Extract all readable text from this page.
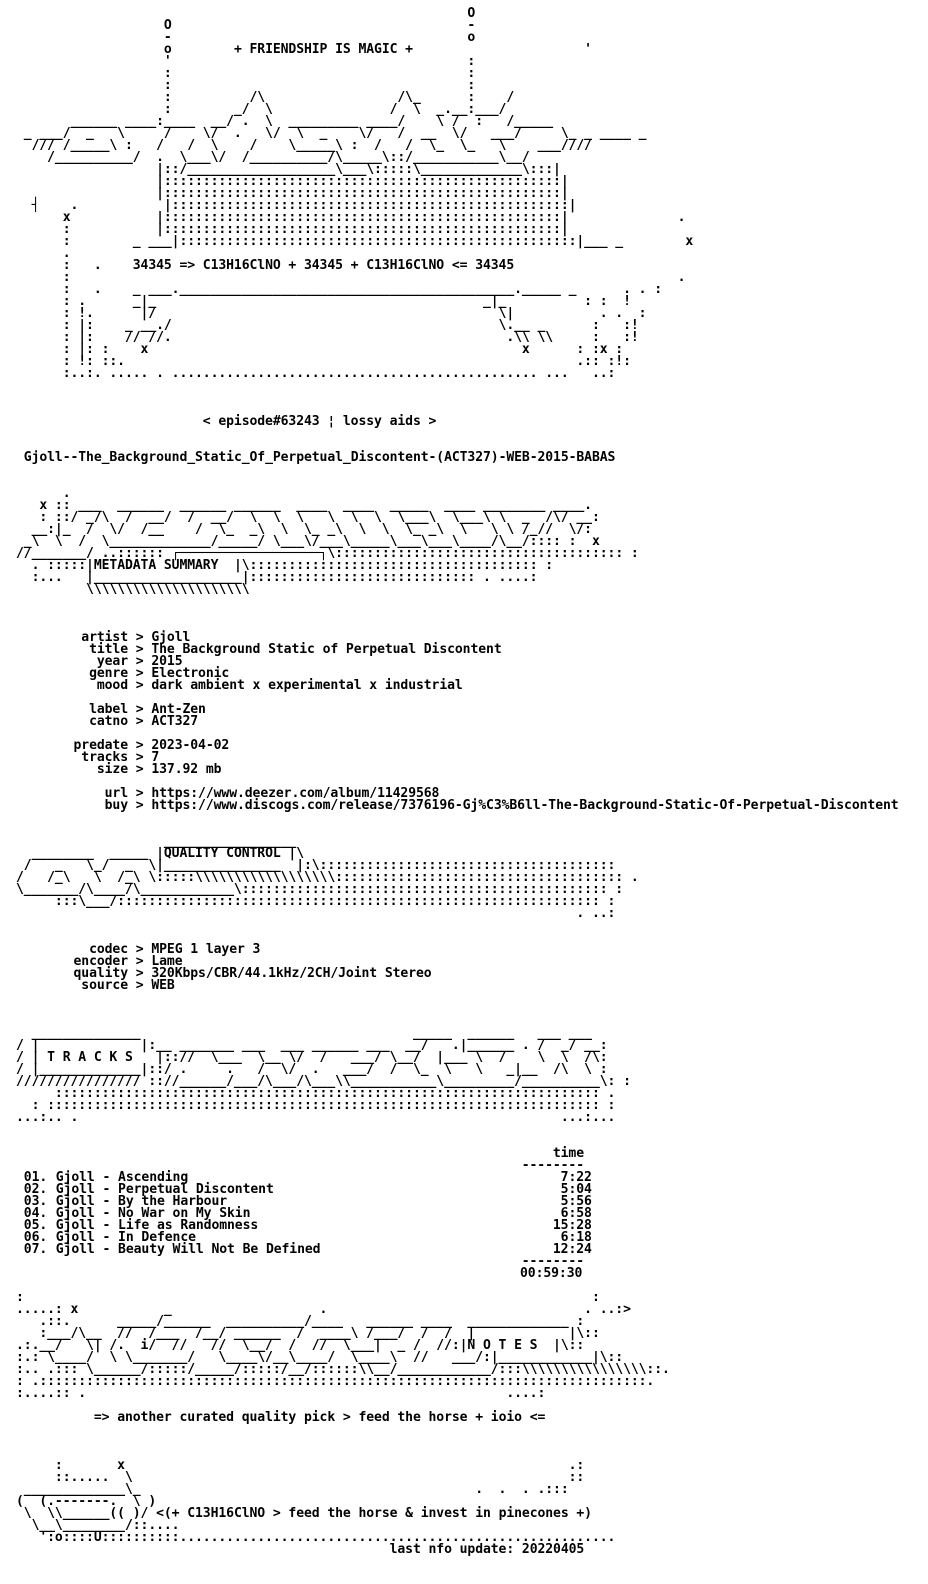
O
O                                      -
-                                      o
o	+ FRIENDSHIP IS MAGIC +	'
'                                      :
:                                      :
:                                      :
:          /\                 /\_      :    /
:        _/  \               /  \  _.__:___/
______ ____:____  __/ .  \  _________ ____/    \ /  :   /_____
_ ___/  _   \     /    \/  .   \/  \  _    \/   /  __  \/   ___/     \_ _ ____ _
/// /_____\ :   /   /  \    /    \_____\ :  /   /  \_  \_   \    ___////
/__________/  .  \___\/  /__________/\_____\::/___________\__/
|::/___________________\___\:::::\_____________\:::|
|:::::::::::::::::::::::::::::::::::::::::::::::::::|
|:::::::::::::::::::::::::::::::::::::::::::::::::::|
┤    .           |:::::::::::::::::::::::::::::::::::::::::::::::::::|
x           |:::::::::::::::::::::::::::::::::::::::::::::::::::|              .
:           |:::::::::::::::::::::::::::::::::::::::::::::::::::|
:        _ ___|:::::::::::::::::::::::::::::::::::::::::::::::::::|___ _        x
.
:   .    34345 => C13H16ClNO + 34345 + C13H16ClNO <= 34345
:                                                                              .
:   .    _ ___.___________________________________________._____ _      . . :
: .      _|_                                          _|_          : :  !
: !.      |/                                            \|           . .  :
: |:    _ __./                                          \.__ _      :   :!
: |:    // //.                                           .\\ \\     :   :!
: |: :    x                                                x      : :x :
: !: ::.                                                          .:: :!:
:..:. ..... . ............................................... ...   ..:
< episode#63243 ¦ lossy aids >
Gjoll--The_Background_Static_Of_Perpetual_Discontent-(ACT327)-WEB-2015-BABAS
.
x :: ___  ______  ______ ______  ____  ____  _____  ____ ________ ____.
: ::/ _/\  /  __/  /  __/  \  \  \   \  \  \  \___\  \___\ \  _  /\/ __:
__:|_  /  \/  /__    /  \_  _\  \  \_ _\  \  \  \_ _\  \   \ \ /_//  \/:
_\  \  /  \_____________/_____/ \___\/___\_____\___\___\____/\__/:::: :  x
//_______/ ..:::::: ┌──────────────────┐\::::::::::::::::::::::::::::::::::::: :
. :::::|METADATA SUMMARY  |\::::::::::::::::::::::::::::::::::::: :
:...   |___________________|::::::::::::::::::::::::::::: . ....:
\\\\\\\\\\\\\\\\\\\\\
artist > Gjoll
title > The Background Static of Perpetual Discontent
year > 2015
genre > Electronic
mood > dark ambient x experimental x industrial
label > Ant-Zen
catno > ACT327
predate > 2023-04-02
tracks > 7
size > 137.92 mb
url > https://www.deezer.com/album/11429568
buy > https://www.discogs.com/release/7376196-Gj%C3%B6ll-The-Background-Static-Of-Perpetual-Discontent
_________________
________  _____ |QUALITY CONTROL |\
/   _   \_/  _  \|_______________  |:\::::::::::::::::::::::::::::::::::::::
/   /_\   \  /_\ \:::::\\\\\\\\\\\\\\\\\\::::::::::::::::::::::::::::::::::::: .
\_______/\____/\____________\::::::::::::::::::::::::::::::::::::::::::::::: :
:::\___/:::::::::::::::::::::::::::::::::::::::::::::::::::::::::::::: :
. ..:
codec > MPEG 1 layer 3
encoder > Lame
quality > 320Kbps/CBR/44.1kHz/2CH/Joint Stereo
source > WEB
______________                                   _____  ______   ___ ___
/ |             |:__ _______ ___  ___ ______ ___  __/   .|______ . /  _/ __:
/ | T R A C K S   |:://  \___  \__ \/  /   ___/ \__/  |___ \  /    \  \  /\:
/ |_____________|::/ .     .   /  \/  .   ___/  /  \_  \   \   _|__  /\  \ :
//////////////// :://______/___/\___/\___\\___________\_________/__________\: :
:::::::::::::::::::::::::::::::::::::::::::::::::::::::::::::::::::::: .
: ::::::::::::::::::::::::::::::::::::::::::::::::::::::::::::::::::::::: :
...:.. .                                                              ...:...
time
--------
01. Gjoll - Ascending	7:22
02. Gjoll - Perpetual Discontent	5:04
03. Gjoll - By the Harbour	5:56
04. Gjoll - No War on My Skin	6:58
05. Gjoll - Life as Randomness	15:28
06. Gjoll - In Defence	6:18
07. Gjoll - Beauty Will Not Be Defined	12:24
--------
00:59:30
:                                                                         :
.....: x           _                   .                                 . ..:>
.::.      _____/______  __________/____   ______ ____  _____________ :
:___/\__  //  /___  /__/ ______  /  ____\ /___/  /  /  |            |\::
.:.__/   \| /.  i/  //   //  \__/  /  //  \___|  _ /  //:|N O T E S  |\::
:.: \____/  \ \_______/   \____\/__\____/  \____\  //   ___/:|____________|\::
:.. .::: \______/:::::/_____/:::::/__/::::::\\__/____________/:::\\\\\\\\\\\\\\\\::.
: .::::::::::::::::::::::::::::::::::::::::::::::::::::::::::::::::::::::::::::::.
:....:: .                                                      ....:
=> another curated quality pick > feed the horse + ioio <=
:       x                                                         .:
::.....  \                                                        ::
_____________\_                                           .  .  . .:::
(  (.-------.  \ )
\  \\______(( )/ <(+ C13H16ClNO > feed the horse & invest in pinecones +)
\__\________/::....
':o::::U::::::::::........................................................
last nfo update: 20220405
